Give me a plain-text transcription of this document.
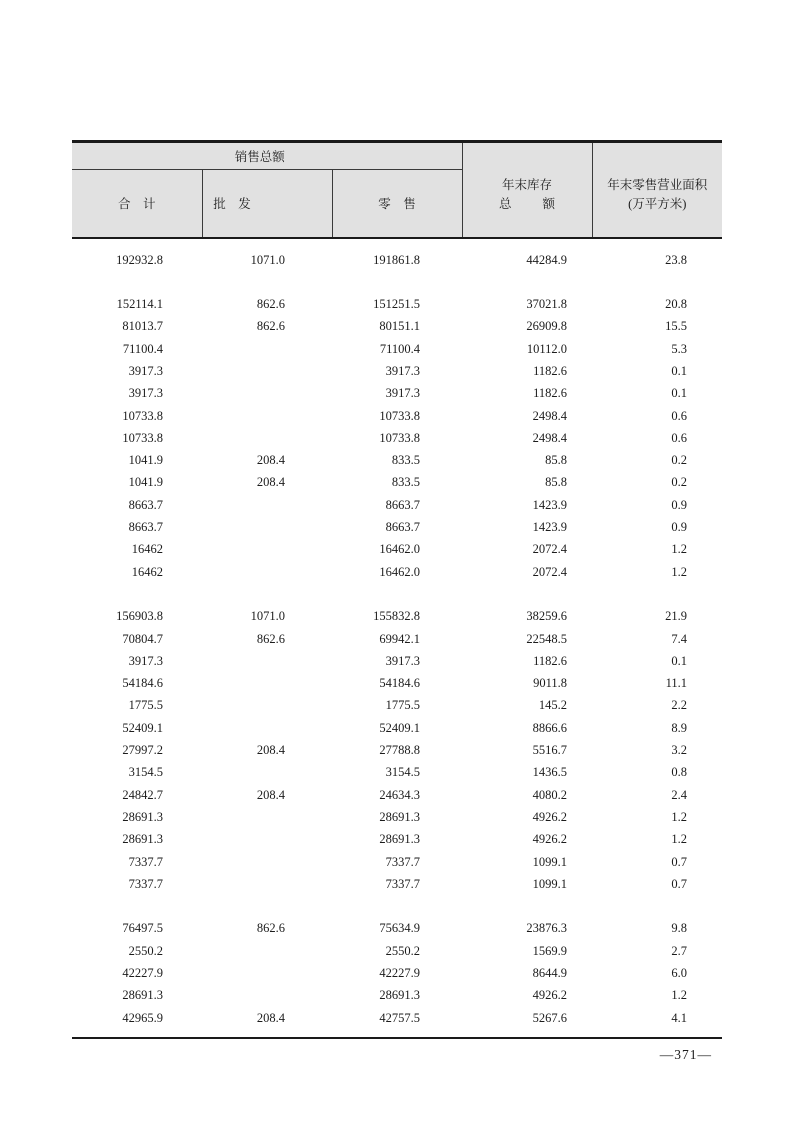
销售总额	
年末库存
总 额

年末零售营业面积
(万平方米)

合　计	批　发	零　售		

192932.8	1071.0	191861.8	44284.9	23.8

152114.1	862.6	151251.5	37021.8	20.8
81013.7	862.6	80151.1	26909.8	15.5
71100.4		71100.4	10112.0	5.3
3917.3		3917.3	1182.6	0.1
3917.3		3917.3	1182.6	0.1
10733.8		10733.8	2498.4	0.6
10733.8		10733.8	2498.4	0.6
1041.9	208.4	833.5	85.8	0.2
1041.9	208.4	833.5	85.8	0.2
8663.7		8663.7	1423.9	0.9
8663.7		8663.7	1423.9	0.9
16462		16462.0	2072.4	1.2
16462		16462.0	2072.4	1.2

156903.8	1071.0	155832.8	38259.6	21.9
70804.7	862.6	69942.1	22548.5	7.4
3917.3		3917.3	1182.6	0.1
54184.6		54184.6	9011.8	11.1
1775.5		1775.5	145.2	2.2
52409.1		52409.1	8866.6	8.9
27997.2	208.4	27788.8	5516.7	3.2
3154.5		3154.5	1436.5	0.8
24842.7	208.4	24634.3	4080.2	2.4
28691.3		28691.3	4926.2	1.2
28691.3		28691.3	4926.2	1.2
7337.7		7337.7	1099.1	0.7
7337.7		7337.7	1099.1	0.7

76497.5	862.6	75634.9	23876.3	9.8
2550.2		2550.2	1569.9	2.7
42227.9		42227.9	8644.9	6.0
28691.3		28691.3	4926.2	1.2
42965.9	208.4	42757.5	5267.6	4.1

—371—
